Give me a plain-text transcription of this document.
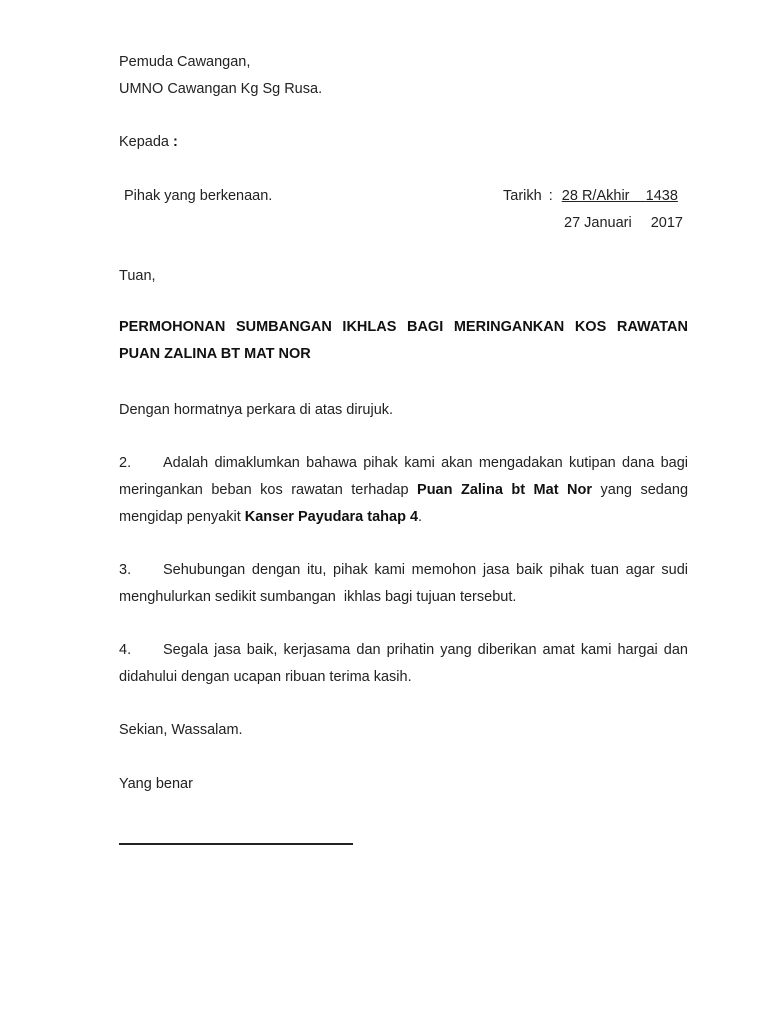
Pemuda Cawangan,
UMNO Cawangan Kg Sg Rusa.
Kepada :
Pihak yang berkenaan.	Tarikh : 28 R/Akhir 1438
27 Januari 2017
Tuan,
PERMOHONAN SUMBANGAN IKHLAS BAGI MERINGANKAN KOS RAWATAN
PUAN ZALINA BT MAT NOR
Dengan hormatnya perkara di atas dirujuk.
2. Adalah dimaklumkan bahawa pihak kami akan mengadakan kutipan dana bagi
meringankan beban kos rawatan terhadap Puan Zalina bt Mat Nor yang sedang
mengidap penyakit Kanser Payudara tahap 4.
3. Sehubungan dengan itu, pihak kami memohon jasa baik pihak tuan agar sudi
menghulurkan sedikit sumbangan  ikhlas bagi tujuan tersebut.
4. Segala jasa baik, kerjasama dan prihatin yang diberikan amat kami hargai dan
didahului dengan ucapan ribuan terima kasih.
Sekian, Wassalam.
Yang benar
